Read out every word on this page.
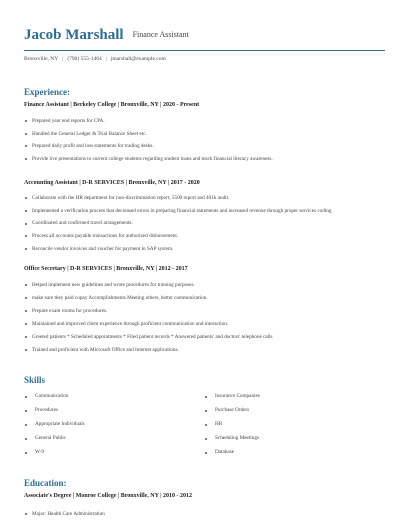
Jacob Marshall Finance Assistant
Bronxville, NY | (790) 555-1464 | jmarshall@example.com
Experience:
Finance Assistant | Berkeley College | Bronxville, NY | 2020 - Present
Prepared year end reports for CPA.
Handled the General Ledger & Trial Balance Sheet etc.
Prepared daily profit and loss statements for trading desks.
Provide live presentations to current college students regarding student loans and teach financial literacy awareness.
Accounting Assistant | D-R SERVICES | Bronxville, NY | 2017 - 2020
Collaborate with the HR department for non-discrimination report, 5500 report and 401k audit.
Implemented a verification process that decreased errors in preparing financial statements and increased revenue through proper services coding
Coordinated and confirmed travel arrangements.
Process all accounts payable transactions for authorized disbursement.
Reconcile vendor invoices and voucher for payment in SAP system.
Office Secretary | D-R SERVICES | Bronxville, NY | 2012 - 2017
Helped implement new guidelines and wrote procedures for training purposes.
make sure they paid copay Accomplishments Meeting others, better communication.
Prepare exam rooms for procedures.
Maintained and improved client experience through proficient communication and interaction.
Greeted patients * Scheduled appointments * Filed patient records * Answered patients' and doctors' telephone calls
Trained and proficient with Microsoft Office and Internet applications.
Skills
Communication
Procedures
Appropriate Individuals
General Public
W-9
Insurance Companies
Purchase Orders
HR
Scheduling Meetings
Database
Education:
Associate's Degree | Monroe College | Bronxville, NY | 2010 - 2012
Major: Health Care Administration
